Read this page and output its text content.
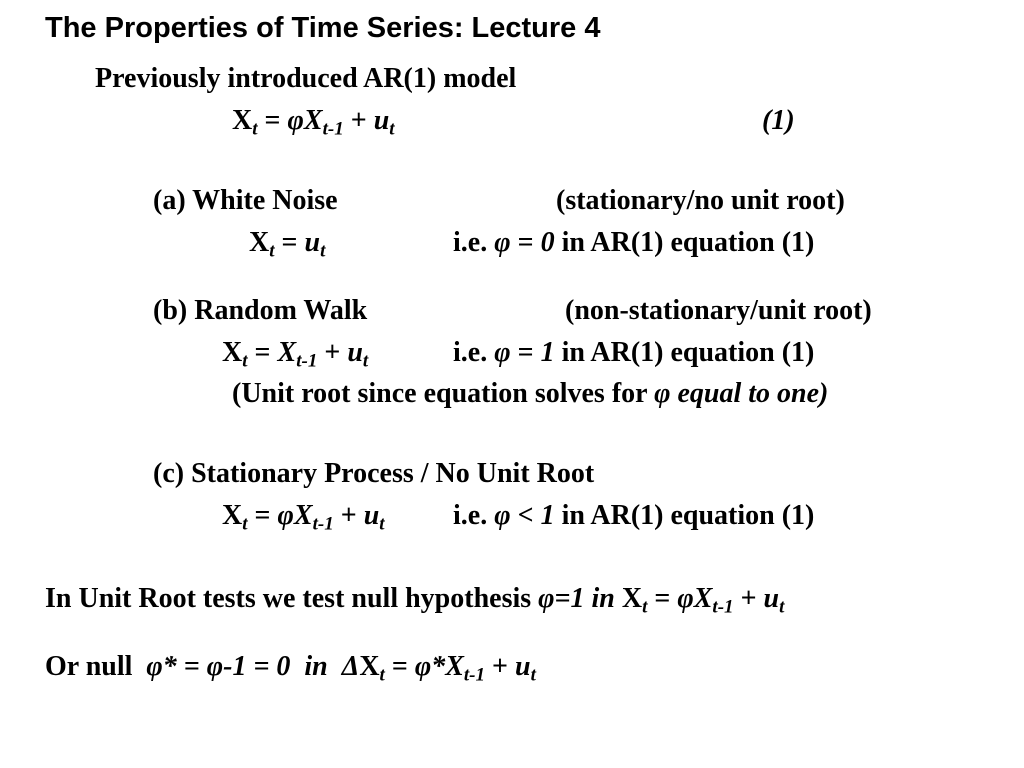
The Properties of Time Series: Lecture 4
Previously introduced AR(1) model
$X_t = \varphi X_{t-1} + u_t$	(1)
(a) White Noise	(stationary/no unit root)
$X_t = u_t$	i.e. φ = 0 in AR(1) equation (1)
(b) Random Walk	(non-stationary/unit root)
$X_t = X_{t-1} + u_t$	i.e. φ = 1 in AR(1) equation (1)
(Unit root since equation solves for φ equal to one)
(c) Stationary Process / No Unit Root
$X_t = \varphi X_{t-1} + u_t$ i.e. φ < 1 in AR(1) equation (1)
In Unit Root tests we test null hypothesis φ=1 in $X_t = \varphi X_{t-1} + u_t$
Or null  φ* = φ-1 = 0  in  $\Delta X_t = \varphi*X_{t-1} + u_t$
